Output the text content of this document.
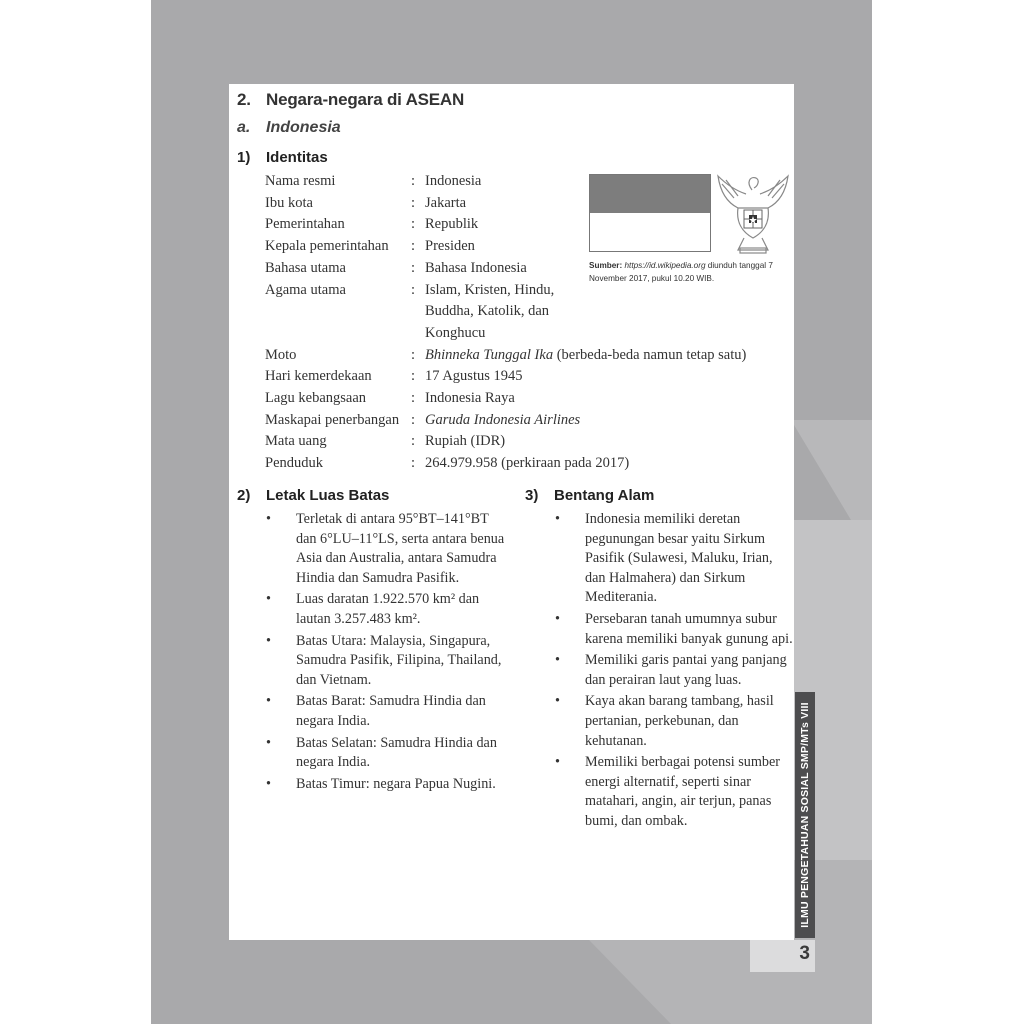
2. Negara-negara di ASEAN
a. Indonesia
1) Identitas
Nama resmi	: Indonesia
Ibu kota	: Jakarta
Pemerintahan	: Republik
Kepala pemerintahan	: Presiden
Bahasa utama	: Bahasa Indonesia
Agama utama	: Islam, Kristen, Hindu, Buddha, Katolik, dan Konghucu
Moto	: Bhinneka Tunggal Ika (berbeda-beda namun tetap satu)
Hari kemerdekaan	: 17 Agustus 1945
Lagu kebangsaan	: Indonesia Raya
Maskapai penerbangan : Garuda Indonesia Airlines
Mata uang	: Rupiah (IDR)
Penduduk	: 264.979.958 (perkiraan pada 2017)
Sumber: https://id.wikipedia.org diunduh tanggal 7 November 2017, pukul 10.20 WIB.
2) Letak Luas Batas	3) Bentang Alam
• Terletak di antara 95°BT–141°BT dan 6°LU–11°LS, serta antara benua Asia dan Australia, antara Samudra Hindia dan Samudra Pasifik.
• Luas daratan 1.922.570 km² dan lautan 3.257.483 km².
• Batas Utara: Malaysia, Singapura, Samudra Pasifik, Filipina, Thailand, dan Vietnam.
• Batas Barat: Samudra Hindia dan negara India.
• Batas Selatan: Samudra Hindia dan negara India.
• Batas Timur: negara Papua Nugini.
• Indonesia memiliki deretan pegunungan besar yaitu Sirkum Pasifik (Sulawesi, Maluku, Irian, dan Halmahera) dan Sirkum Mediterania.
• Persebaran tanah umumnya subur karena memiliki banyak gunung api.
• Memiliki garis pantai yang panjang dan perairan laut yang luas.
• Kaya akan barang tambang, hasil pertanian, perkebunan, dan kehutanan.
• Memiliki berbagai potensi sumber energi alternatif, seperti sinar matahari, angin, air terjun, panas bumi, dan ombak.	ILMU PENGETAHUAN SOSIAL SMP/MTs VIII
3
